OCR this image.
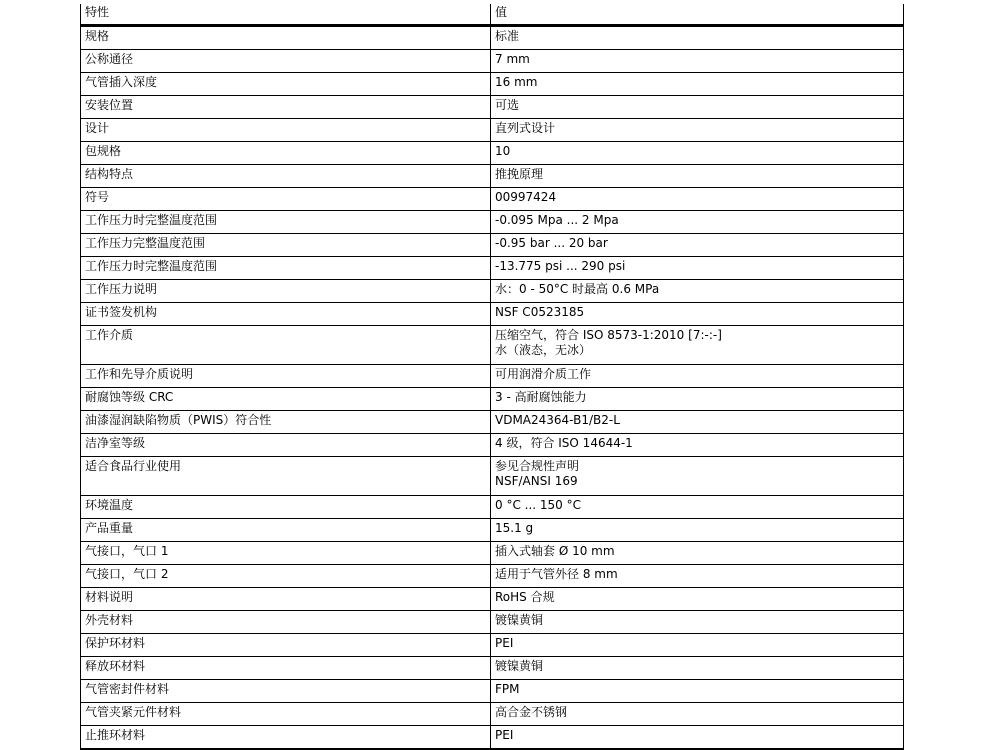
特性	值
规格	标准
公称通径	7 mm
气管插入深度	16 mm
安装位置	可选
设计	直列式设计
包规格	10
结构特点	推挽原理
符号	00997424
工作压力时完整温度范围	-0.095 Mpa ... 2 Mpa
工作压力完整温度范围	-0.95 bar ... 20 bar
工作压力时完整温度范围	-13.775 psi ... 290 psi
工作压力说明	水：0 - 50°C 时最高 0.6 MPa
证书签发机构	NSF C0523185
工作介质	压缩空气，符合 ISO 8573-1:2010 [7:-:-]
水（液态，无冰）
工作和先导介质说明	可用润滑介质工作
耐腐蚀等级 CRC	3 - 高耐腐蚀能力
油漆湿润缺陷物质（PWIS）符合性	VDMA24364-B1/B2-L
洁净室等级	4 级，符合 ISO 14644-1
适合食品行业使用	参见合规性声明
NSF/ANSI 169
环境温度	0 °C ... 150 °C
产品重量	15.1 g
气接口，气口 1	插入式轴套 Ø 10 mm
气接口，气口 2	适用于气管外径 8 mm
材料说明	RoHS 合规
外壳材料	镀镍黄铜
保护环材料	PEI
释放环材料	镀镍黄铜
气管密封件材料	FPM
气管夹紧元件材料	高合金不锈钢
止推环材料	PEI
